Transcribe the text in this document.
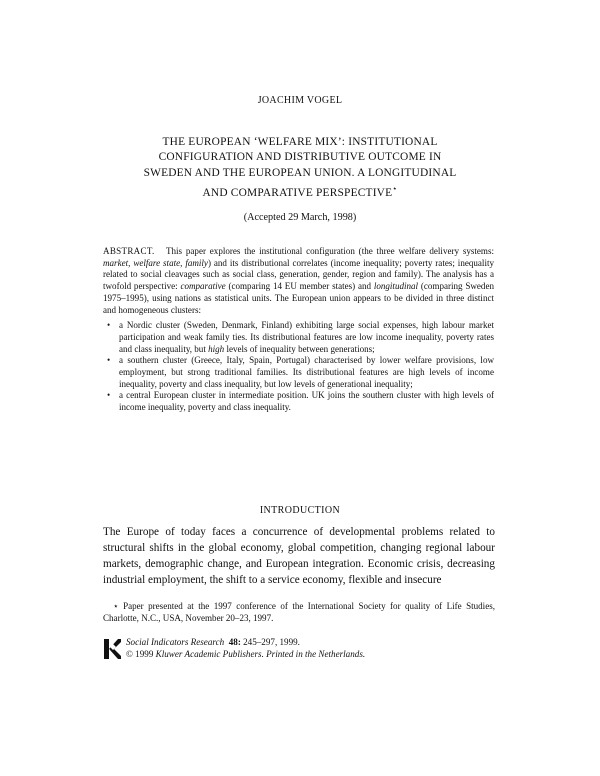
JOACHIM VOGEL
THE EUROPEAN ‘WELFARE MIX’: INSTITUTIONAL
CONFIGURATION AND DISTRIBUTIVE OUTCOME IN
SWEDEN AND THE EUROPEAN UNION. A LONGITUDINAL
AND COMPARATIVE PERSPECTIVE⋆
(Accepted 29 March, 1998)

ABSTRACT. This paper explores the institutional configuration (the three welfare delivery systems: market, welfare state, family) and its distributional correlates (income inequality; poverty rates; inequality related to social cleavages such as social class, generation, gender, region and family). The analysis has a twofold perspective: comparative (comparing 14 EU member states) and longitudinal (comparing Sweden 1975–1995), using nations as statistical units. The European union appears to be divided in three distinct and homogeneous clusters:

• a Nordic cluster (Sweden, Denmark, Finland) exhibiting large social expenses, high labour market participation and weak family ties. Its distributional features are low income inequality, poverty rates and class inequality, but high levels of inequality between generations;
• a southern cluster (Greece, Italy, Spain, Portugal) characterised by lower welfare provisions, low employment, but strong traditional families. Its distributional features are high levels of income inequality, poverty and class inequality, but low levels of generational inequality;
• a central European cluster in intermediate position. UK joins the southern cluster with high levels of income inequality, poverty and class inequality.
INTRODUCTION

The Europe of today faces a concurrence of developmental problems related to structural shifts in the global economy, global competition, changing regional labour markets, demographic change, and European integration. Economic crisis, decreasing industrial employment, the shift to a service economy, flexible and insecure

⋆ Paper presented at the 1997 conference of the International Society for quality of Life Studies, Charlotte, N.C., USA, November 20–23, 1997.
Social Indicators Research 48: 245–297, 1999.
© 1999 Kluwer Academic Publishers. Printed in the Netherlands.
